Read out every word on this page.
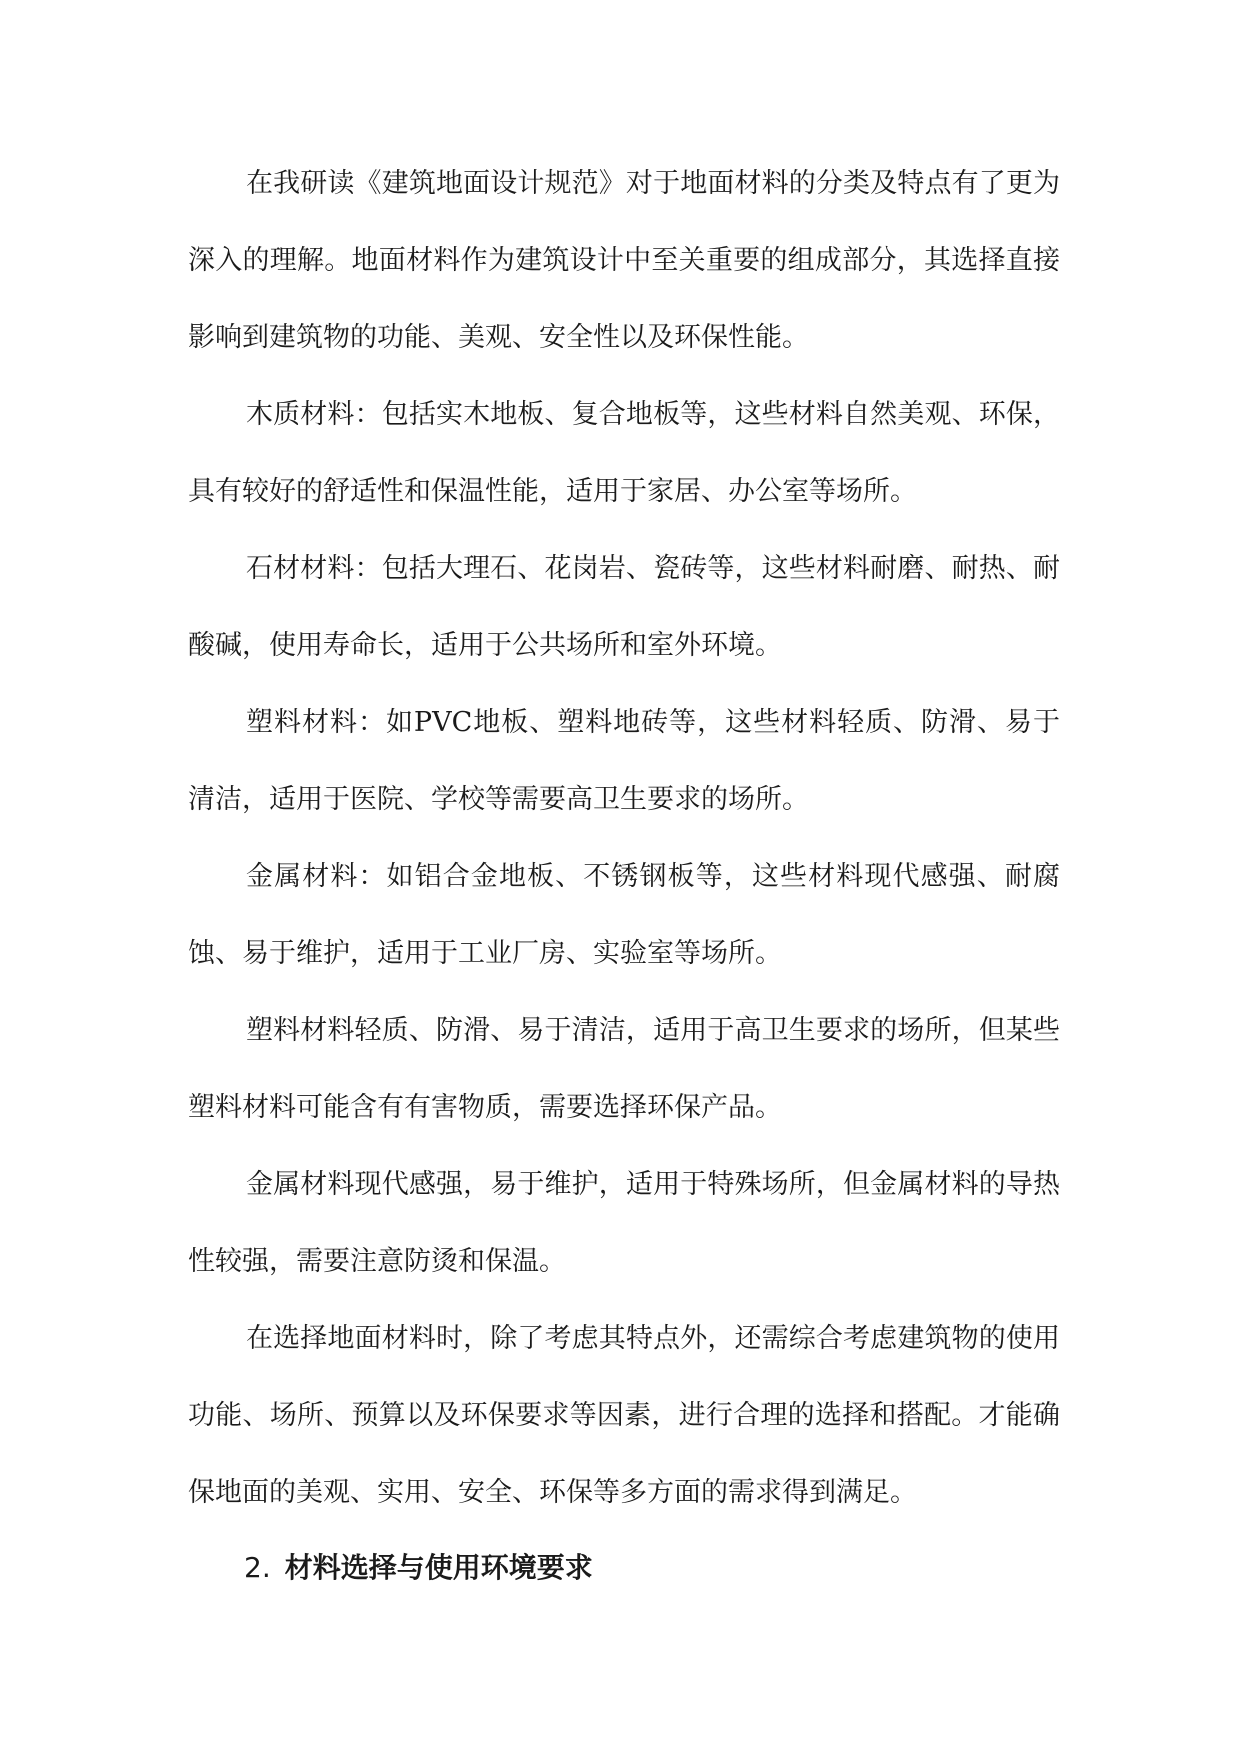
在我研读《建筑地面设计规范》对于地面材料的分类及特点有了更为深入的理解。地面材料作为建筑设计中至关重要的组成部分，其选择直接影响到建筑物的功能、美观、安全性以及环保性能。

木质材料：包括实木地板、复合地板等，这些材料自然美观、环保，具有较好的舒适性和保温性能，适用于家居、办公室等场所。

石材材料：包括大理石、花岗岩、瓷砖等，这些材料耐磨、耐热、耐酸碱，使用寿命长，适用于公共场所和室外环境。

塑料材料：如PVC地板、塑料地砖等，这些材料轻质、防滑、易于清洁，适用于医院、学校等需要高卫生要求的场所。

金属材料：如铝合金地板、不锈钢板等，这些材料现代感强、耐腐蚀、易于维护，适用于工业厂房、实验室等场所。

塑料材料轻质、防滑、易于清洁，适用于高卫生要求的场所，但某些塑料材料可能含有有害物质，需要选择环保产品。

金属材料现代感强，易于维护，适用于特殊场所，但金属材料的导热性较强，需要注意防烫和保温。

在选择地面材料时，除了考虑其特点外，还需综合考虑建筑物的使用功能、场所、预算以及环保要求等因素，进行合理的选择和搭配。才能确保地面的美观、实用、安全、环保等多方面的需求得到满足。

2. 材料选择与使用环境要求
